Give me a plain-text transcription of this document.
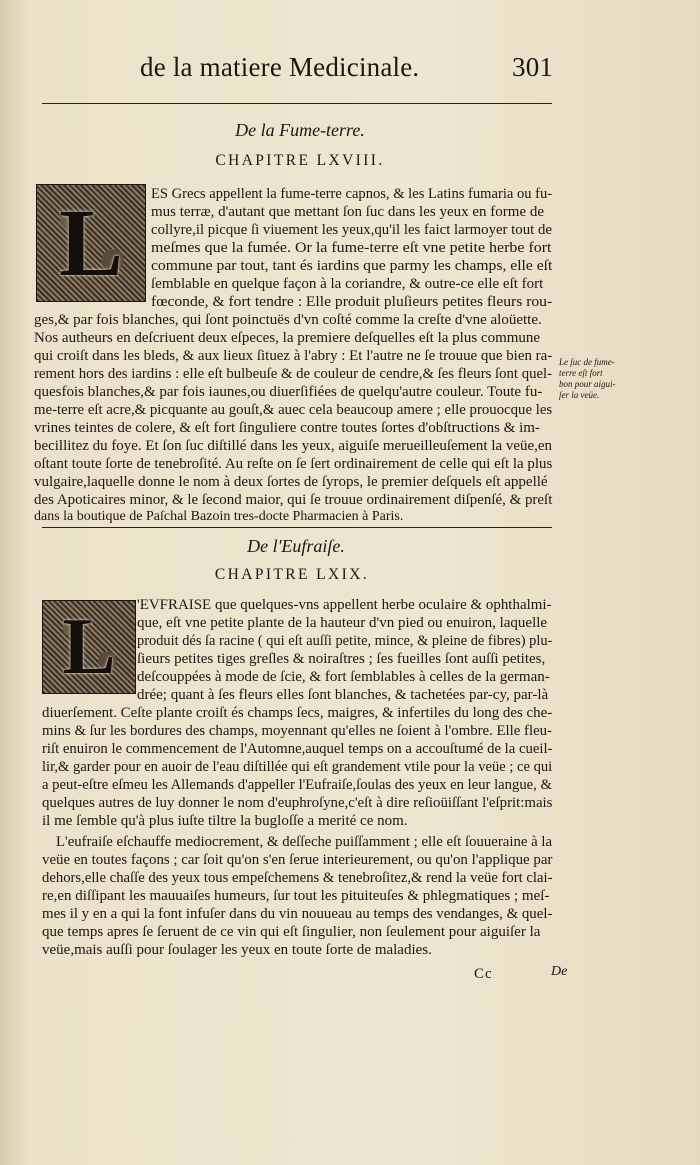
de la matiere Medicinale.	301
De la Fume-terre.
CHAPITRE LXVIII.
L	ES Grecs appellent la fume-terre capnos, & les Latins fumaria ou fu-
mus terræ, d'autant que mettant ſon ſuc dans les yeux en forme de
collyre,il picque ſi viuement les yeux,qu'il les faict larmoyer tout de
meſmes que la fumée. Or la fume-terre eſt vne petite herbe fort
commune par tout, tant és iardins que parmy les champs, elle eſt
ſemblable en quelque façon à la coriandre, & outre-ce elle eſt fort
fœconde, & fort tendre : Elle produit pluſieurs petites fleurs rou-
ges,& par fois blanches, qui ſont poinctuës d'vn coſté comme la creſte d'vne aloüette.
Nos autheurs en deſcriuent deux eſpeces, la premiere deſquelles eſt la plus commune
qui croiſt dans les bleds, & aux lieux ſituez à l'abry : Et l'autre ne ſe trouue que bien ra-
rement hors des iardins : elle eſt bulbeuſe & de couleur de cendre,& ſes fleurs ſont quel-
quesfois blanches,& par fois iaunes,ou diuerſifiées de quelqu'autre couleur. Toute fu-
me-terre eſt acre,& picquante au gouſt,& auec cela beaucoup amere ; elle prouocque les
vrines teintes de colere, & eſt fort ſinguliere contre toutes ſortes d'obſtructions & im-
becillitez du foye. Et ſon ſuc diſtillé dans les yeux, aiguiſe merueilleuſement la veüe,en
oſtant toute ſorte de tenebroſité. Au reſte on ſe ſert ordinairement de celle qui eſt la plus
vulgaire,laquelle donne le nom à deux ſortes de ſyrops, le premier deſquels eſt appellé
des Apoticaires minor, & le ſecond maior, qui ſe trouue ordinairement diſpenſé, & preſt
dans la boutique de Paſchal Bazoin tres-docte Pharmacien à Paris.
Le ſuc de fume-
terre eſt fort
bon pour aigui-
ſer la veüe.
De l'Eufraiſe.
CHAPITRE LXIX.
L	'EVFRAISE que quelques-vns appellent herbe oculaire & ophthalmi-
que, eſt vne petite plante de la hauteur d'vn pied ou enuiron, laquelle
produit dés ſa racine ( qui eſt auſſi petite, mince, & pleine de fibres) plu-
ſieurs petites tiges greſles & noiraſtres ; ſes fueilles ſont auſſi petites,
deſcouppées à mode de ſcie, & fort ſemblables à celles de la german-
drée; quant à ſes fleurs elles ſont blanches, & tachetées par-cy, par-là
diuerſement. Ceſte plante croiſt és champs ſecs, maigres, & infertiles du long des che-
mins & ſur les bordures des champs, moyennant qu'elles ne ſoient à l'ombre. Elle fleu-
riſt enuiron le commencement de l'Automne,auquel temps on a accouſtumé de la cueil-
lir,& garder pour en auoir de l'eau diſtillée qui eſt grandement vtile pour la veüe ; ce qui
a peut-eſtre eſmeu les Allemands d'appeller l'Eufraiſe,ſoulas des yeux en leur langue, &
quelques autres de luy donner le nom d'euphroſyne,c'eſt à dire reſioüiſſant l'eſprit:mais
il me ſemble qu'à plus iuſte tiltre la bugloſſe a merité ce nom.
L'eufraiſe eſchauffe mediocrement, & deſſeche puiſſamment ; elle eſt ſouueraine à la
veüe en toutes façons ; car ſoit qu'on s'en ſerue interieurement, ou qu'on l'applique par
dehors,elle chaſſe des yeux tous empeſchemens & tenebroſitez,& rend la veüe fort clai-
re,en diſſipant les mauuaiſes humeurs, ſur tout les pituiteuſes & phlegmatiques ; meſ-
mes il y en a qui la font infuſer dans du vin nouueau au temps des vendanges, & quel-
que temps apres ſe ſeruent de ce vin qui eſt ſingulier, non ſeulement pour aiguiſer la
veüe,mais auſſi pour ſoulager les yeux en toute ſorte de maladies.
Cc	De
